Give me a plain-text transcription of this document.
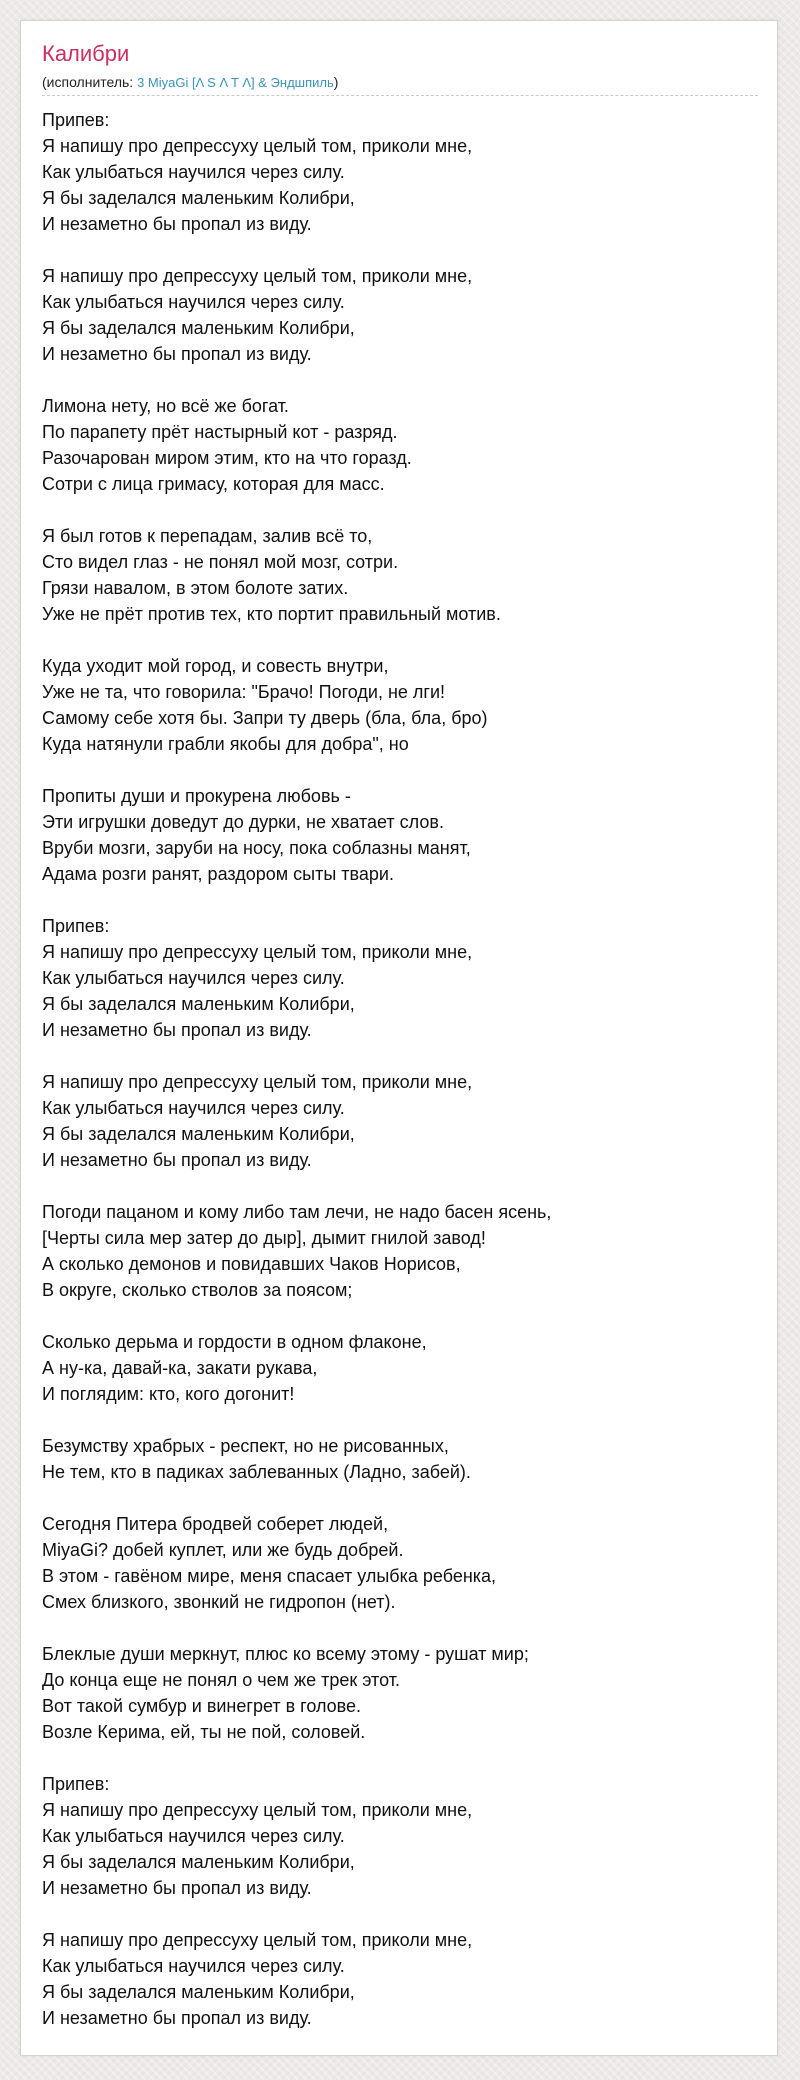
Калибри
(исполнитель: 3 MiyaGi [Λ S Λ T Λ] & Эндшпиль)
Припев:
Я напишу про депрессуху целый том, приколи мне,
Как улыбаться научился через силу.
Я бы заделался маленьким Колибри,
И незаметно бы пропал из виду.

Я напишу про депрессуху целый том, приколи мне,
Как улыбаться научился через силу.
Я бы заделался маленьким Колибри,
И незаметно бы пропал из виду.

Лимона нету, но всё же богат.
По парапету прёт настырный кот - разряд.
Разочарован миром этим, кто на что горазд.
Сотри с лица гримасу, которая для масс.

Я был готов к перепадам, залив всё то,
Сто видел глаз - не понял мой мозг, сотри.
Грязи навалом, в этом болоте затих.
Уже не прёт против тех, кто портит правильный мотив.

Куда уходит мой город, и совесть внутри,
Уже не та, что говорила: "Брачо! Погоди, не лги!
Самому себе хотя бы. Запри ту дверь (бла, бла, бро)
Куда натянули грабли якобы для добра", но

Пропиты души и прокурена любовь -
Эти игрушки доведут до дурки, не хватает слов.
Вруби мозги, заруби на носу, пока соблазны манят,
Адама розги ранят, раздором сыты твари.

Припев:
Я напишу про депрессуху целый том, приколи мне,
Как улыбаться научился через силу.
Я бы заделался маленьким Колибри,
И незаметно бы пропал из виду.

Я напишу про депрессуху целый том, приколи мне,
Как улыбаться научился через силу.
Я бы заделался маленьким Колибри,
И незаметно бы пропал из виду.

Погоди пацаном и кому либо там лечи, не надо басен ясень,
[Черты сила мер затер до дыр], дымит гнилой завод!
А сколько демонов и повидавших Чаков Норисов,
В округе, сколько стволов за поясом;

Сколько дерьма и гордости в одном флаконе,
А ну-ка, давай-ка, закати рукава,
И поглядим: кто, кого догонит!

Безумству храбрых - респект, но не рисованных,
Не тем, кто в падиках заблеванных (Ладно, забей).

Сегодня Питера бродвей соберет людей,
MiyaGi? добей куплет, или же будь добрей.
В этом - гавёном мире, меня спасает улыбка ребенка,
Смех близкого, звонкий не гидропон (нет).

Блеклые души меркнут, плюс ко всему этому - рушат мир;
До конца еще не понял о чем же трек этот.
Вот такой сумбур и винегрет в голове.
Возле Керима, ей, ты не пой, соловей.

Припев:
Я напишу про депрессуху целый том, приколи мне,
Как улыбаться научился через силу.
Я бы заделался маленьким Колибри,
И незаметно бы пропал из виду.

Я напишу про депрессуху целый том, приколи мне,
Как улыбаться научился через силу.
Я бы заделался маленьким Колибри,
И незаметно бы пропал из виду.
